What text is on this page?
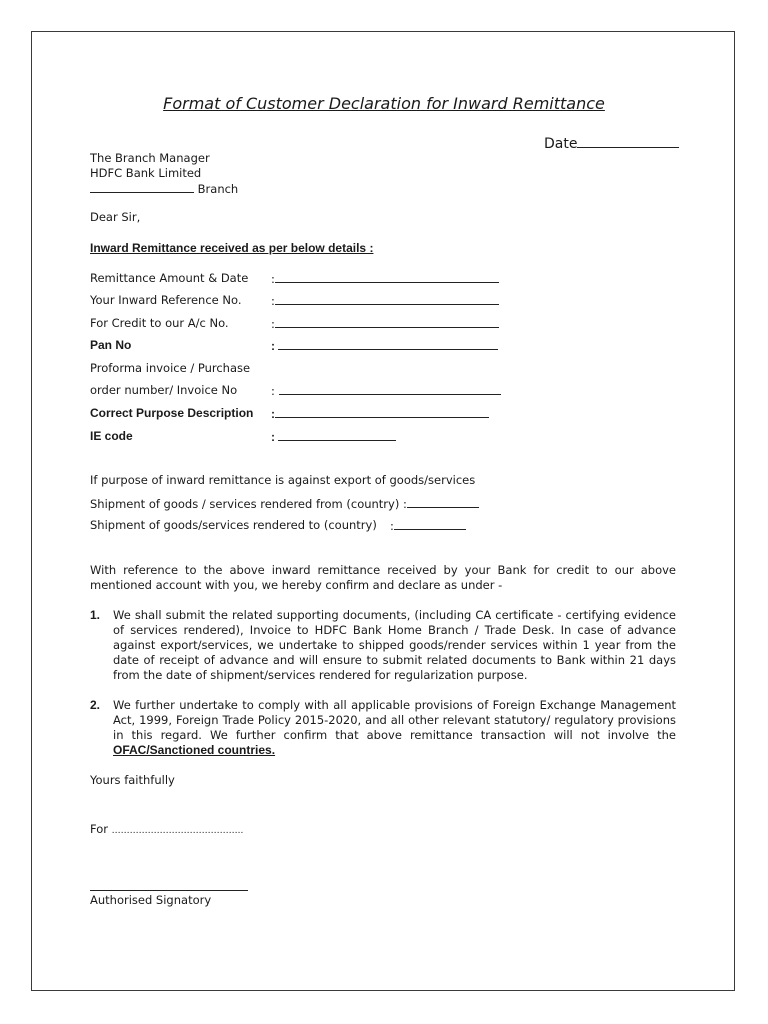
Format of Customer Declaration for Inward Remittance
Date
The Branch Manager
HDFC Bank Limited
Branch
Dear Sir,
Inward Remittance received as per below details :
Remittance Amount & Date :
Your Inward Reference No.	:
For Credit to our A/c No.	:
Pan No	:
Proforma invoice / Purchase
order number/ Invoice No	:
Correct Purpose Description :
IE code	:
If purpose of inward remittance is against export of goods/services
Shipment of goods / services rendered from (country) :
Shipment of goods/services rendered to (country) :
With reference to the above inward remittance received by your Bank for credit to our above mentioned account with you, we hereby confirm and declare as under -
1. We shall submit the related supporting documents, (including CA certificate - certifying evidence of services rendered), Invoice to HDFC Bank Home Branch / Trade Desk. In case of advance against export/services, we undertake to shipped goods/render services within 1 year from the date of receipt of advance and will ensure to submit related documents to Bank within 21 days from the date of shipment/services rendered for regularization purpose.
2. We further undertake to comply with all applicable provisions of Foreign Exchange Management Act, 1999, Foreign Trade Policy 2015-2020, and all other relevant statutory/ regulatory provisions in this regard. We further confirm that above remittance transaction will not involve the OFAC/Sanctioned countries.
Yours faithfully
For ……………………………………..
Authorised Signatory
